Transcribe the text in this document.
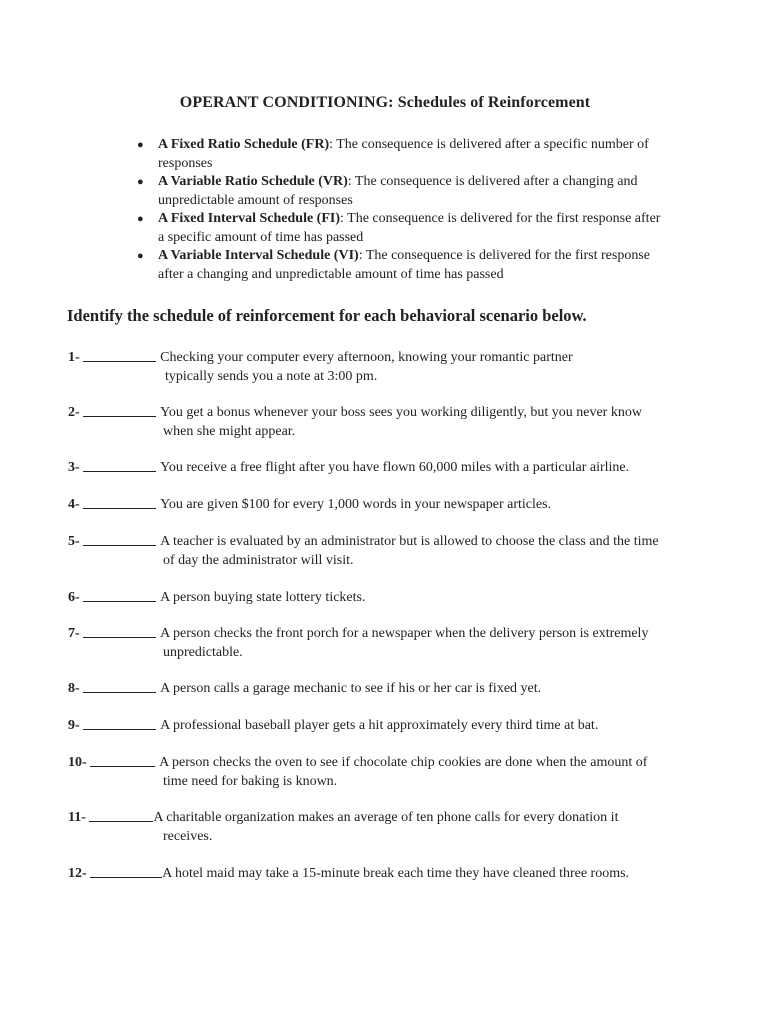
OPERANT CONDITIONING: Schedules of Reinforcement
● A Fixed Ratio Schedule (FR): The consequence is delivered after a specific number of
responses
● A Variable Ratio Schedule (VR): The consequence is delivered after a changing and
unpredictable amount of responses
● A Fixed Interval Schedule (FI): The consequence is delivered for the first response after
a specific amount of time has passed
● A Variable Interval Schedule (VI): The consequence is delivered for the first response
after a changing and unpredictable amount of time has passed
Identify the schedule of reinforcement for each behavioral scenario below.
1-	Checking your computer every afternoon, knowing your romantic partner
typically sends you a note at 3:00 pm.
2-	You get a bonus whenever your boss sees you working diligently, but you never know
when she might appear.
3-	You receive a free flight after you have flown 60,000 miles with a particular airline.
4-	You are given $100 for every 1,000 words in your newspaper articles.
5-	A teacher is evaluated by an administrator but is allowed to choose the class and the time
of day the administrator will visit.
6-	A person buying state lottery tickets.
7-	A person checks the front porch for a newspaper when the delivery person is extremely
unpredictable.
8-	A person calls a garage mechanic to see if his or her car is fixed yet.
9-	A professional baseball player gets a hit approximately every third time at bat.
10-	A person checks the oven to see if chocolate chip cookies are done when the amount of
time need for baking is known.
11-	A charitable organization makes an average of ten phone calls for every donation it
receives.
12-	A hotel maid may take a 15-minute break each time they have cleaned three rooms.
